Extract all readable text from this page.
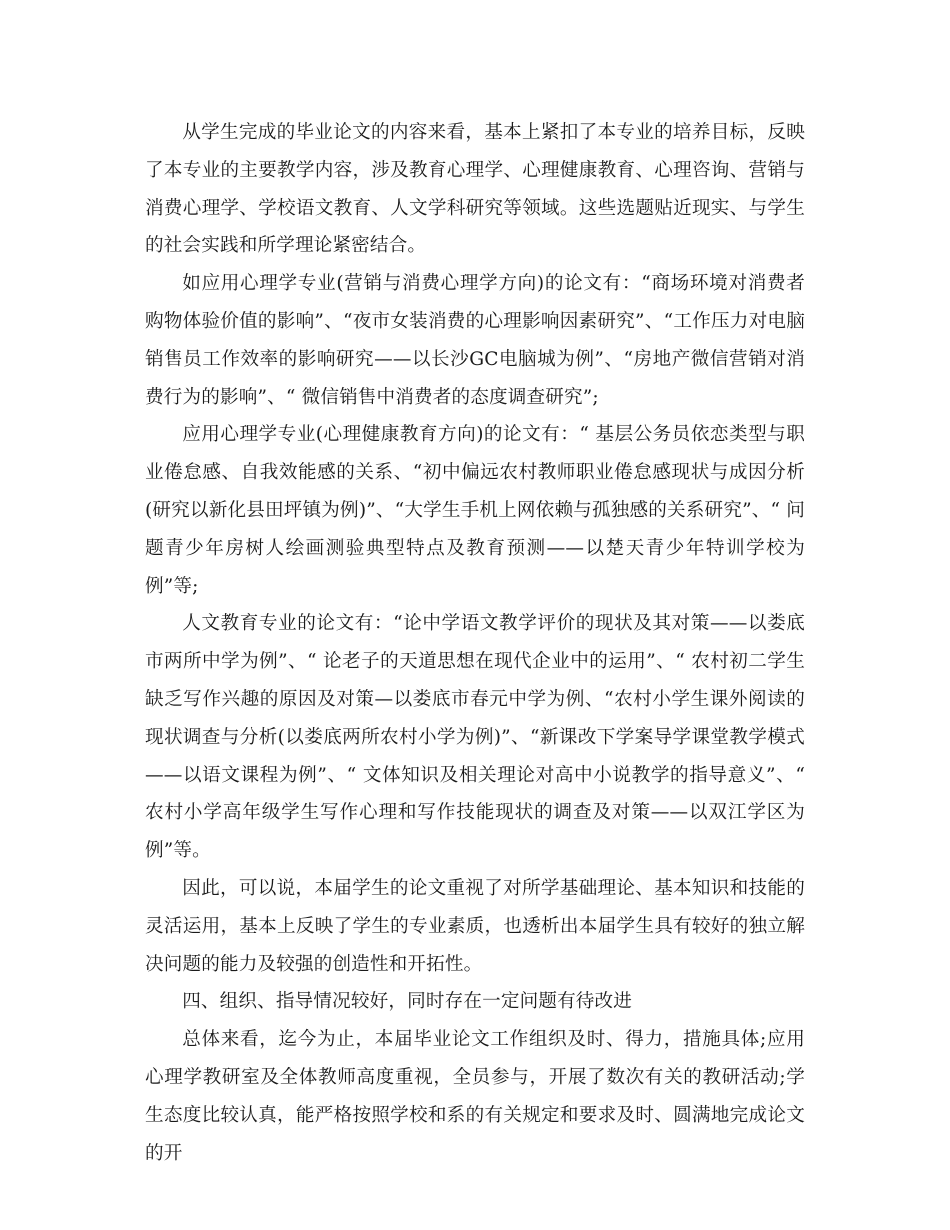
从学生完成的毕业论文的内容来看，基本上紧扣了本专业的培养目标，反映了本专业的主要教学内容，涉及教育心理学、心理健康教育、心理咨询、营销与消费心理学、学校语文教育、人文学科研究等领域。这些选题贴近现实、与学生的社会实践和所学理论紧密结合。

如应用心理学专业(营销与消费心理学方向)的论文有：“商场环境对消费者购物体验价值的影响”、“夜市女装消费的心理影响因素研究”、“工作压力对电脑销售员工作效率的影响研究——以长沙GC电脑城为例”、“房地产微信营销对消费行为的影响”、“ 微信销售中消费者的态度调查研究”;

应用心理学专业(心理健康教育方向)的论文有：“ 基层公务员依恋类型与职业倦怠感、自我效能感的关系、“初中偏远农村教师职业倦怠感现状与成因分析(研究以新化县田坪镇为例)”、“大学生手机上网依赖与孤独感的关系研究”、“ 问题青少年房树人绘画测验典型特点及教育预测——以楚天青少年特训学校为例”等;

人文教育专业的论文有：“论中学语文教学评价的现状及其对策——以娄底市两所中学为例”、“ 论老子的天道思想在现代企业中的运用”、“ 农村初二学生缺乏写作兴趣的原因及对策—以娄底市春元中学为例、“农村小学生课外阅读的现状调查与分析(以娄底两所农村小学为例)”、“新课改下学案导学课堂教学模式——以语文课程为例”、“ 文体知识及相关理论对高中小说教学的指导意义”、“ 农村小学高年级学生写作心理和写作技能现状的调查及对策——以双江学区为例”等。

因此，可以说，本届学生的论文重视了对所学基础理论、基本知识和技能的灵活运用，基本上反映了学生的专业素质，也透析出本届学生具有较好的独立解决问题的能力及较强的创造性和开拓性。

四、组织、指导情况较好，同时存在一定问题有待改进

总体来看，迄今为止，本届毕业论文工作组织及时、得力，措施具体;应用心理学教研室及全体教师高度重视，全员参与，开展了数次有关的教研活动;学生态度比较认真，能严格按照学校和系的有关规定和要求及时、圆满地完成论文的开
